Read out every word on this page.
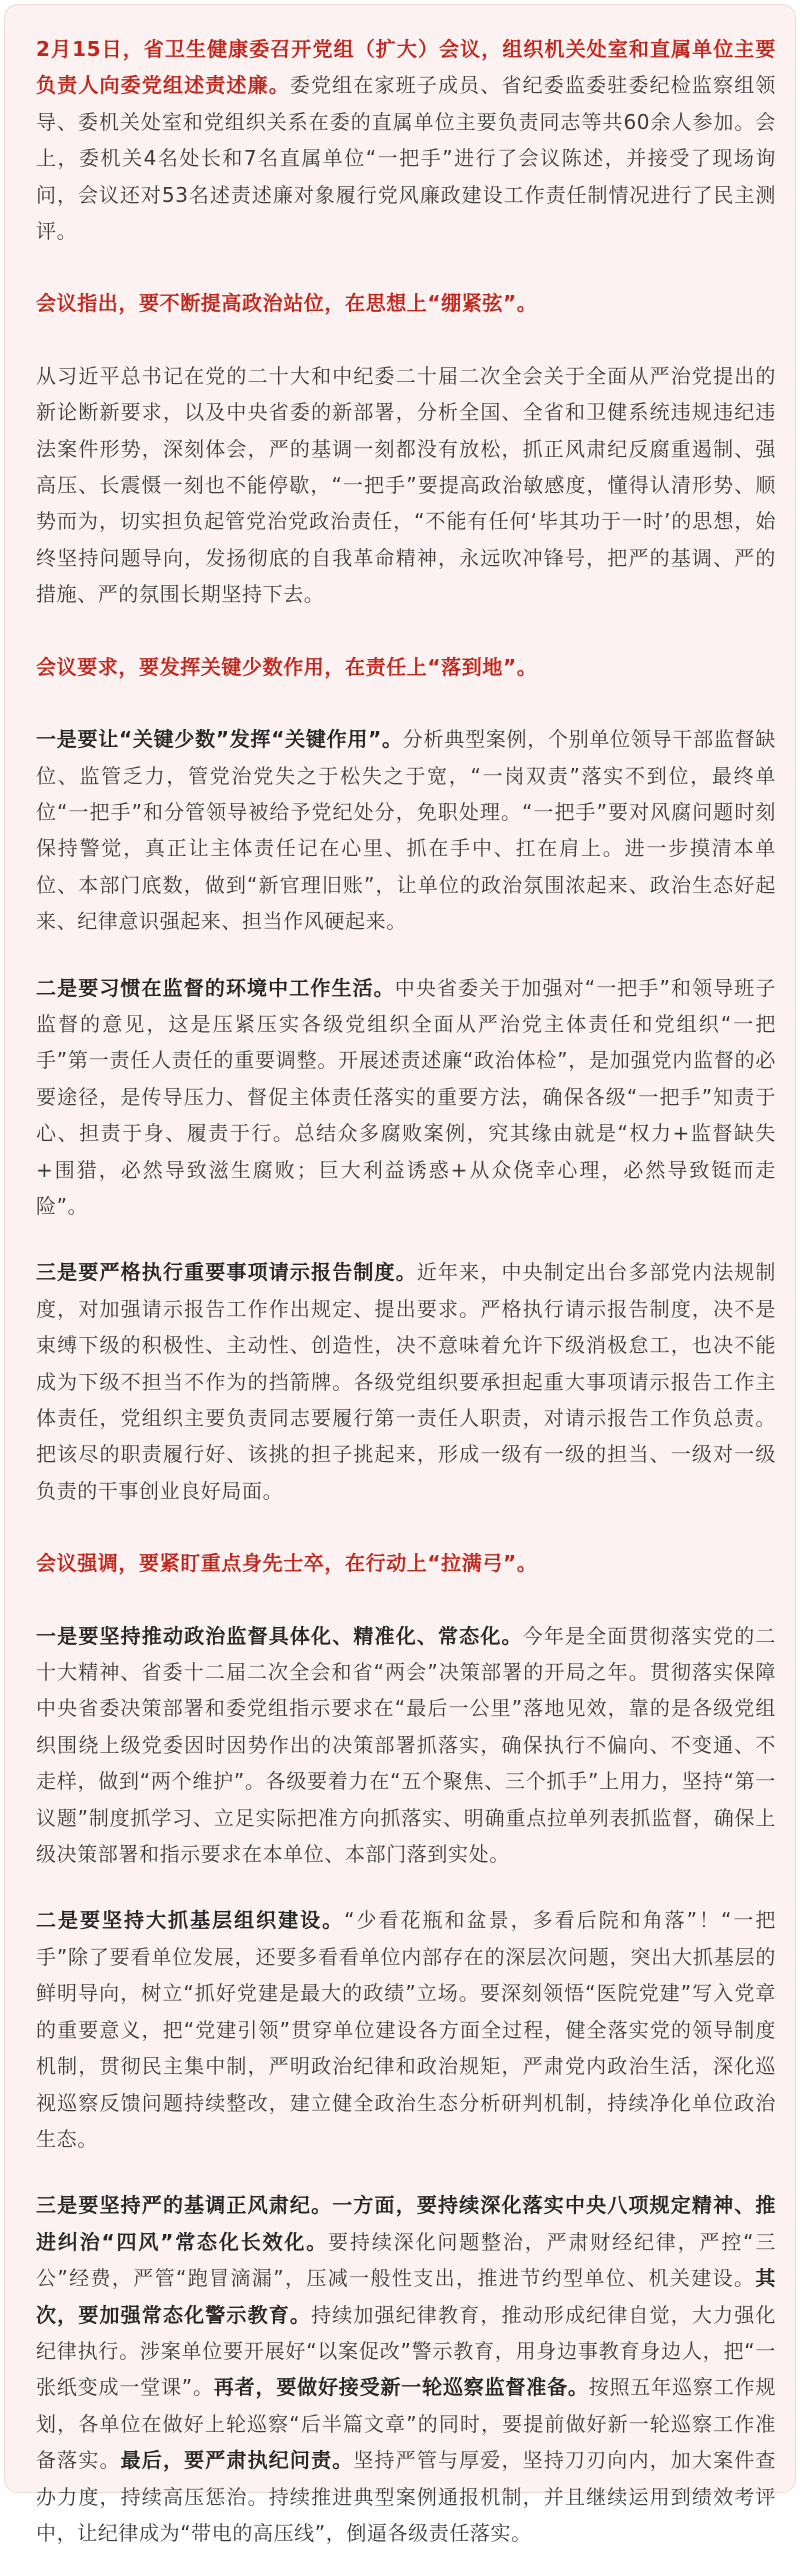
2月15日，省卫生健康委召开党组（扩大）会议，组织机关处室和直属单位主要负责人向委党组述责述廉。委党组在家班子成员、省纪委监委驻委纪检监察组领导、委机关处室和党组织关系在委的直属单位主要负责同志等共60余人参加。会上，委机关4名处长和7名直属单位“一把手”进行了会议陈述，并接受了现场询问，会议还对53名述责述廉对象履行党风廉政建设工作责任制情况进行了民主测评。

会议指出，要不断提高政治站位，在思想上“绷紧弦”。

从习近平总书记在党的二十大和中纪委二十届二次全会关于全面从严治党提出的新论断新要求，以及中央省委的新部署，分析全国、全省和卫健系统违规违纪违法案件形势，深刻体会，严的基调一刻都没有放松，抓正风肃纪反腐重遏制、强高压、长震慑一刻也不能停歇，“一把手”要提高政治敏感度，懂得认清形势、顺势而为，切实担负起管党治党政治责任，“不能有任何‘毕其功于一时’的思想，始终坚持问题导向，发扬彻底的自我革命精神，永远吹冲锋号，把严的基调、严的措施、严的氛围长期坚持下去。

会议要求，要发挥关键少数作用，在责任上“落到地”。

一是要让“关键少数”发挥“关键作用”。分析典型案例，个别单位领导干部监督缺位、监管乏力，管党治党失之于松失之于宽，“一岗双责”落实不到位，最终单位“一把手”和分管领导被给予党纪处分，免职处理。“一把手”要对风腐问题时刻保持警觉，真正让主体责任记在心里、抓在手中、扛在肩上。进一步摸清本单位、本部门底数，做到“新官理旧账”，让单位的政治氛围浓起来、政治生态好起来、纪律意识强起来、担当作风硬起来。

二是要习惯在监督的环境中工作生活。中央省委关于加强对“一把手”和领导班子监督的意见，这是压紧压实各级党组织全面从严治党主体责任和党组织“一把手”第一责任人责任的重要调整。开展述责述廉“政治体检”，是加强党内监督的必要途径，是传导压力、督促主体责任落实的重要方法，确保各级“一把手”知责于心、担责于身、履责于行。总结众多腐败案例，究其缘由就是“权力+监督缺失+围猎，必然导致滋生腐败；巨大利益诱惑+从众侥幸心理，必然导致铤而走险”。

三是要严格执行重要事项请示报告制度。近年来，中央制定出台多部党内法规制度，对加强请示报告工作作出规定、提出要求。严格执行请示报告制度，决不是束缚下级的积极性、主动性、创造性，决不意味着允许下级消极怠工，也决不能成为下级不担当不作为的挡箭牌。各级党组织要承担起重大事项请示报告工作主体责任，党组织主要负责同志要履行第一责任人职责，对请示报告工作负总责。把该尽的职责履行好、该挑的担子挑起来，形成一级有一级的担当、一级对一级负责的干事创业良好局面。

会议强调，要紧盯重点身先士卒，在行动上“拉满弓”。

一是要坚持推动政治监督具体化、精准化、常态化。今年是全面贯彻落实党的二十大精神、省委十二届二次全会和省“两会”决策部署的开局之年。贯彻落实保障中央省委决策部署和委党组指示要求在“最后一公里”落地见效，靠的是各级党组织围绕上级党委因时因势作出的决策部署抓落实，确保执行不偏向、不变通、不走样，做到“两个维护”。各级要着力在“五个聚焦、三个抓手”上用力，坚持“第一议题”制度抓学习、立足实际把准方向抓落实、明确重点拉单列表抓监督，确保上级决策部署和指示要求在本单位、本部门落到实处。

二是要坚持大抓基层组织建设。“少看花瓶和盆景，多看后院和角落”！“一把手”除了要看单位发展，还要多看看单位内部存在的深层次问题，突出大抓基层的鲜明导向，树立“抓好党建是最大的政绩”立场。要深刻领悟“医院党建”写入党章的重要意义，把“党建引领”贯穿单位建设各方面全过程，健全落实党的领导制度机制，贯彻民主集中制，严明政治纪律和政治规矩，严肃党内政治生活，深化巡视巡察反馈问题持续整改，建立健全政治生态分析研判机制，持续净化单位政治生态。

三是要坚持严的基调正风肃纪。一方面，要持续深化落实中央八项规定精神、推进纠治“四风”常态化长效化。要持续深化问题整治，严肃财经纪律，严控“三公”经费，严管“跑冒滴漏”，压减一般性支出，推进节约型单位、机关建设。其次，要加强常态化警示教育。持续加强纪律教育，推动形成纪律自觉，大力强化纪律执行。涉案单位要开展好“以案促改”警示教育，用身边事教育身边人，把“一张纸变成一堂课”。再者，要做好接受新一轮巡察监督准备。按照五年巡察工作规划，各单位在做好上轮巡察“后半篇文章”的同时，要提前做好新一轮巡察工作准备落实。最后，要严肃执纪问责。坚持严管与厚爱，坚持刀刃向内，加大案件查办力度，持续高压惩治。持续推进典型案例通报机制，并且继续运用到绩效考评中，让纪律成为“带电的高压线”，倒逼各级责任落实。
